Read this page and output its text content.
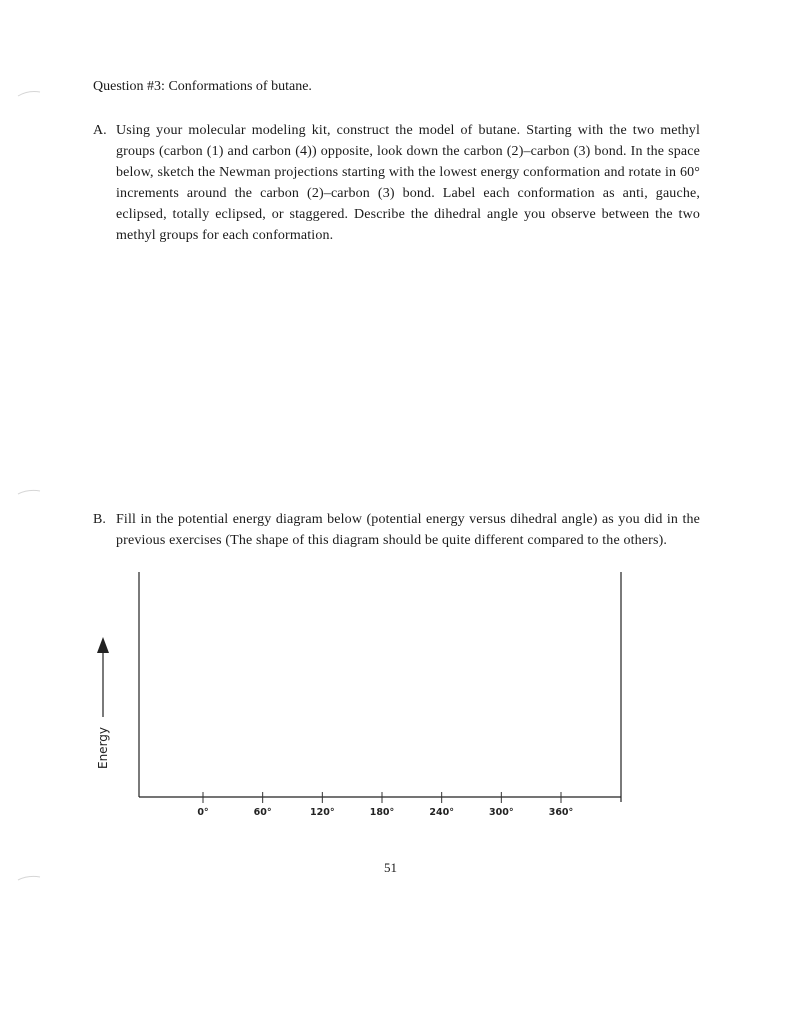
Question #3: Conformations of butane.
A. Using your molecular modeling kit, construct the model of butane. Starting with the two methyl groups (carbon (1) and carbon (4)) opposite, look down the carbon (2)–carbon (3) bond. In the space below, sketch the Newman projections starting with the lowest energy conformation and rotate in 60° increments around the carbon (2)–carbon (3) bond. Label each conformation as anti, gauche, eclipsed, totally eclipsed, or staggered. Describe the dihedral angle you observe between the two methyl groups for each conformation.
B. Fill in the potential energy diagram below (potential energy versus dihedral angle) as you did in the previous exercises (The shape of this diagram should be quite different compared to the others).
Energy
0°	60°	120°	180°	240°	300°	360°
51
